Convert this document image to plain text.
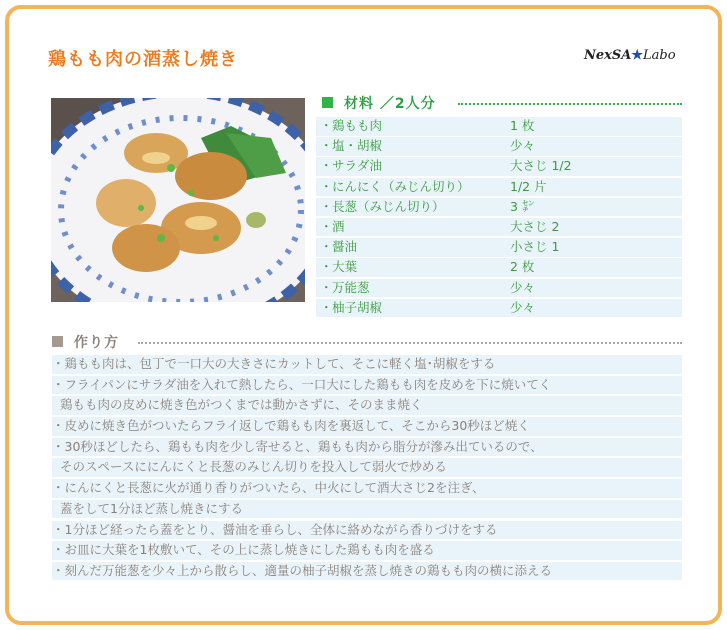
鶏もも肉の酒蒸し焼き	NexSA★Labo
材料 ／2人分
・ 鶏もも肉	1 枚
・ 塩・胡椒	少々
・ サラダ油	大さじ 1/2
・ にんにく（みじん切り）	1/2 片
・ 長葱（みじん切り）	3 ㌢
・ 酒	大さじ 2
・ 醤油	小さじ 1
・ 大葉	2 枚
・ 万能葱	少々
・ 柚子胡椒	少々
作り方
・鶏もも肉は、包丁で一口大の大きさにカットして、そこに軽く塩･胡椒をする
・フライパンにサラダ油を入れて熱したら、一口大にした鶏もも肉を皮めを下に焼いてく
鶏もも肉の皮めに焼き色がつくまでは動かさずに、そのまま焼く
・皮めに焼き色がついたらフライ返しで鶏もも肉を裏返して、そこから30秒ほど焼く
・30秒ほどしたら、鶏もも肉を少し寄せると、鶏もも肉から脂分が滲み出ているので、
そのスペースににんにくと長葱のみじん切りを投入して弱火で炒める
・にんにくと長葱に火が通り香りがついたら、中火にして酒大さじ2を注ぎ、
蓋をして1分ほど蒸し焼きにする
・1分ほど経ったら蓋をとり、醤油を垂らし、全体に絡めながら香りづけをする
・お皿に大葉を1枚敷いて、その上に蒸し焼きにした鶏もも肉を盛る
・刻んだ万能葱を少々上から散らし、適量の柚子胡椒を蒸し焼きの鶏もも肉の横に添える
